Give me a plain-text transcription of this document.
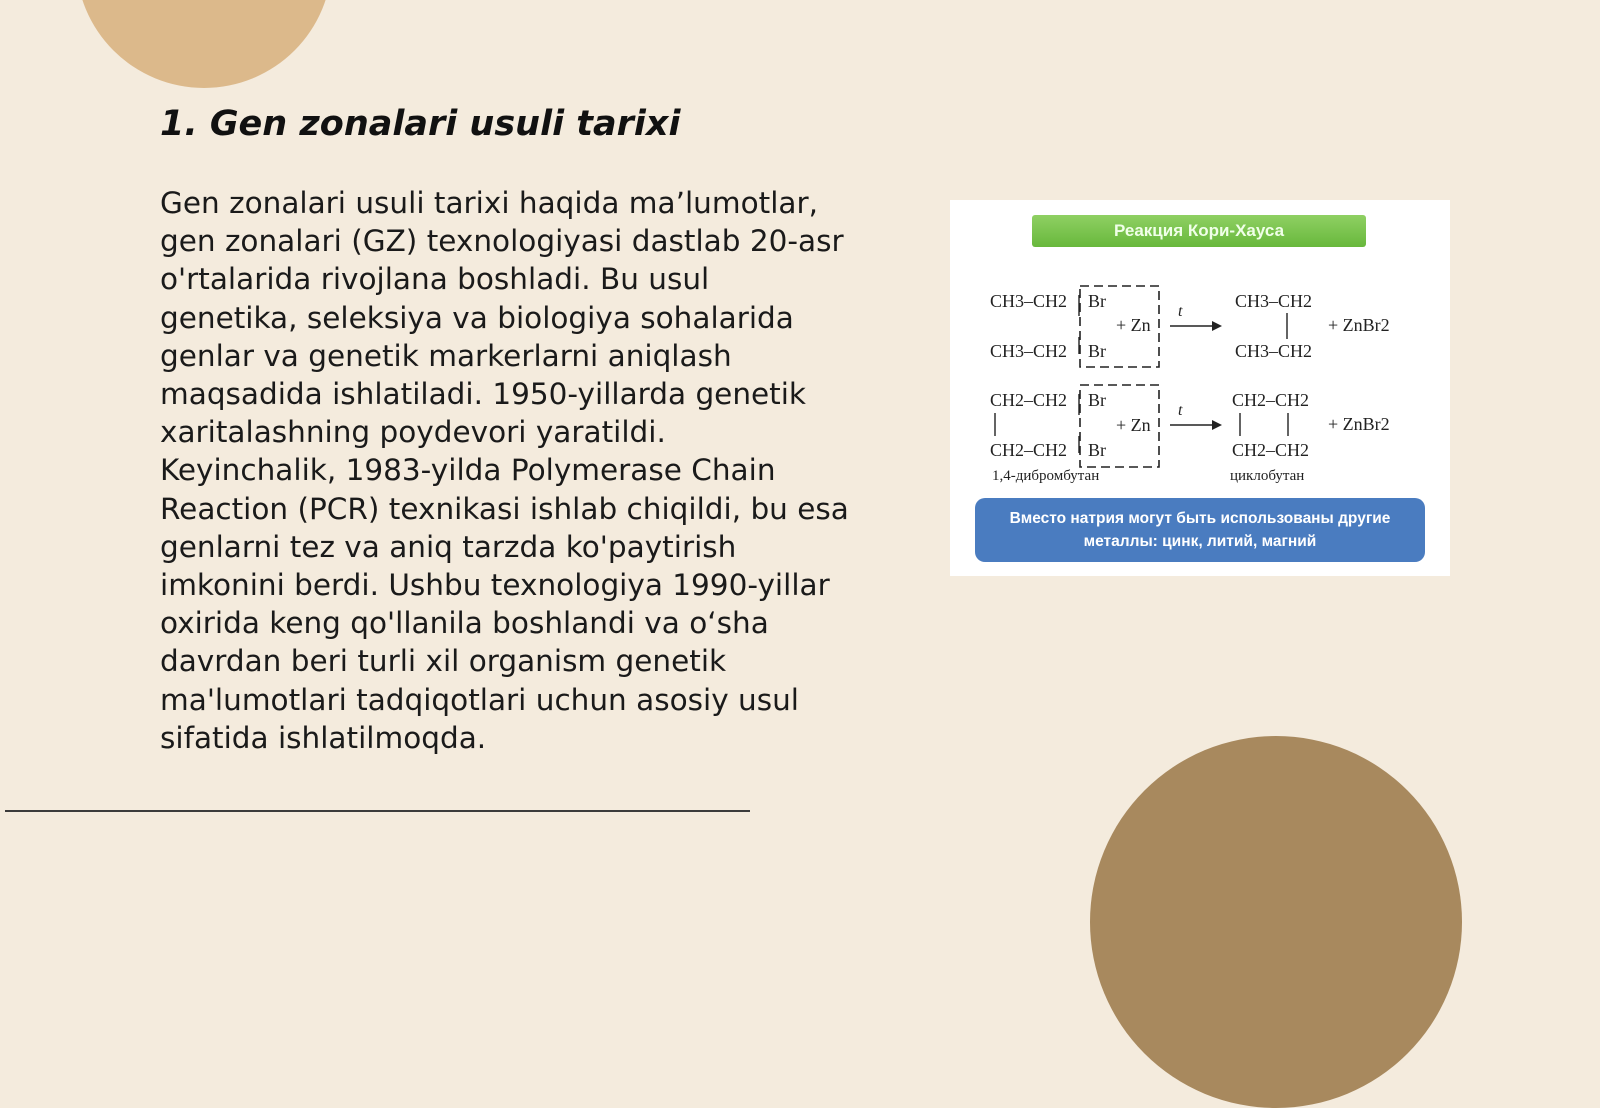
1. Gen zonalari usuli tarixi

Gen zonalari usuli tarixi haqida ma’lumotlar, gen zonalari (GZ) texnologiyasi dastlab 20-asr o'rtalarida rivojlana boshladi. Bu usul genetika, seleksiya va biologiya sohalarida genlar va genetik markerlarni aniqlash maqsadida ishlatiladi. 1950-yillarda genetik xaritalashning poydevori yaratildi. Keyinchalik, 1983-yilda Polymerase Chain Reaction (PCR) texnikasi ishlab chiqildi, bu esa genlarni tez va aniq tarzda ko'paytirish imkonini berdi. Ushbu texnologiya 1990-yillar oxirida keng qo'llanila boshlandi va o‘sha davrdan beri turli xil organism genetik ma'lumotlari tadqiqotlari uchun asosiy usul sifatida ishlatilmoqda.

Реакция Кори-Хауса
CH3–CH2
CH3–CH2
Br
Br
+ Zn
t
CH3–CH2
CH3–CH2
+ ZnBr2
CH2–CH2
CH2–CH2
Br
Br
+ Zn
t
CH2–CH2
CH2–CH2
+ ZnBr2
1,4-дибромбутан	циклобутан
Вместо натрия могут быть использованы другие металлы: цинк, литий, магний
